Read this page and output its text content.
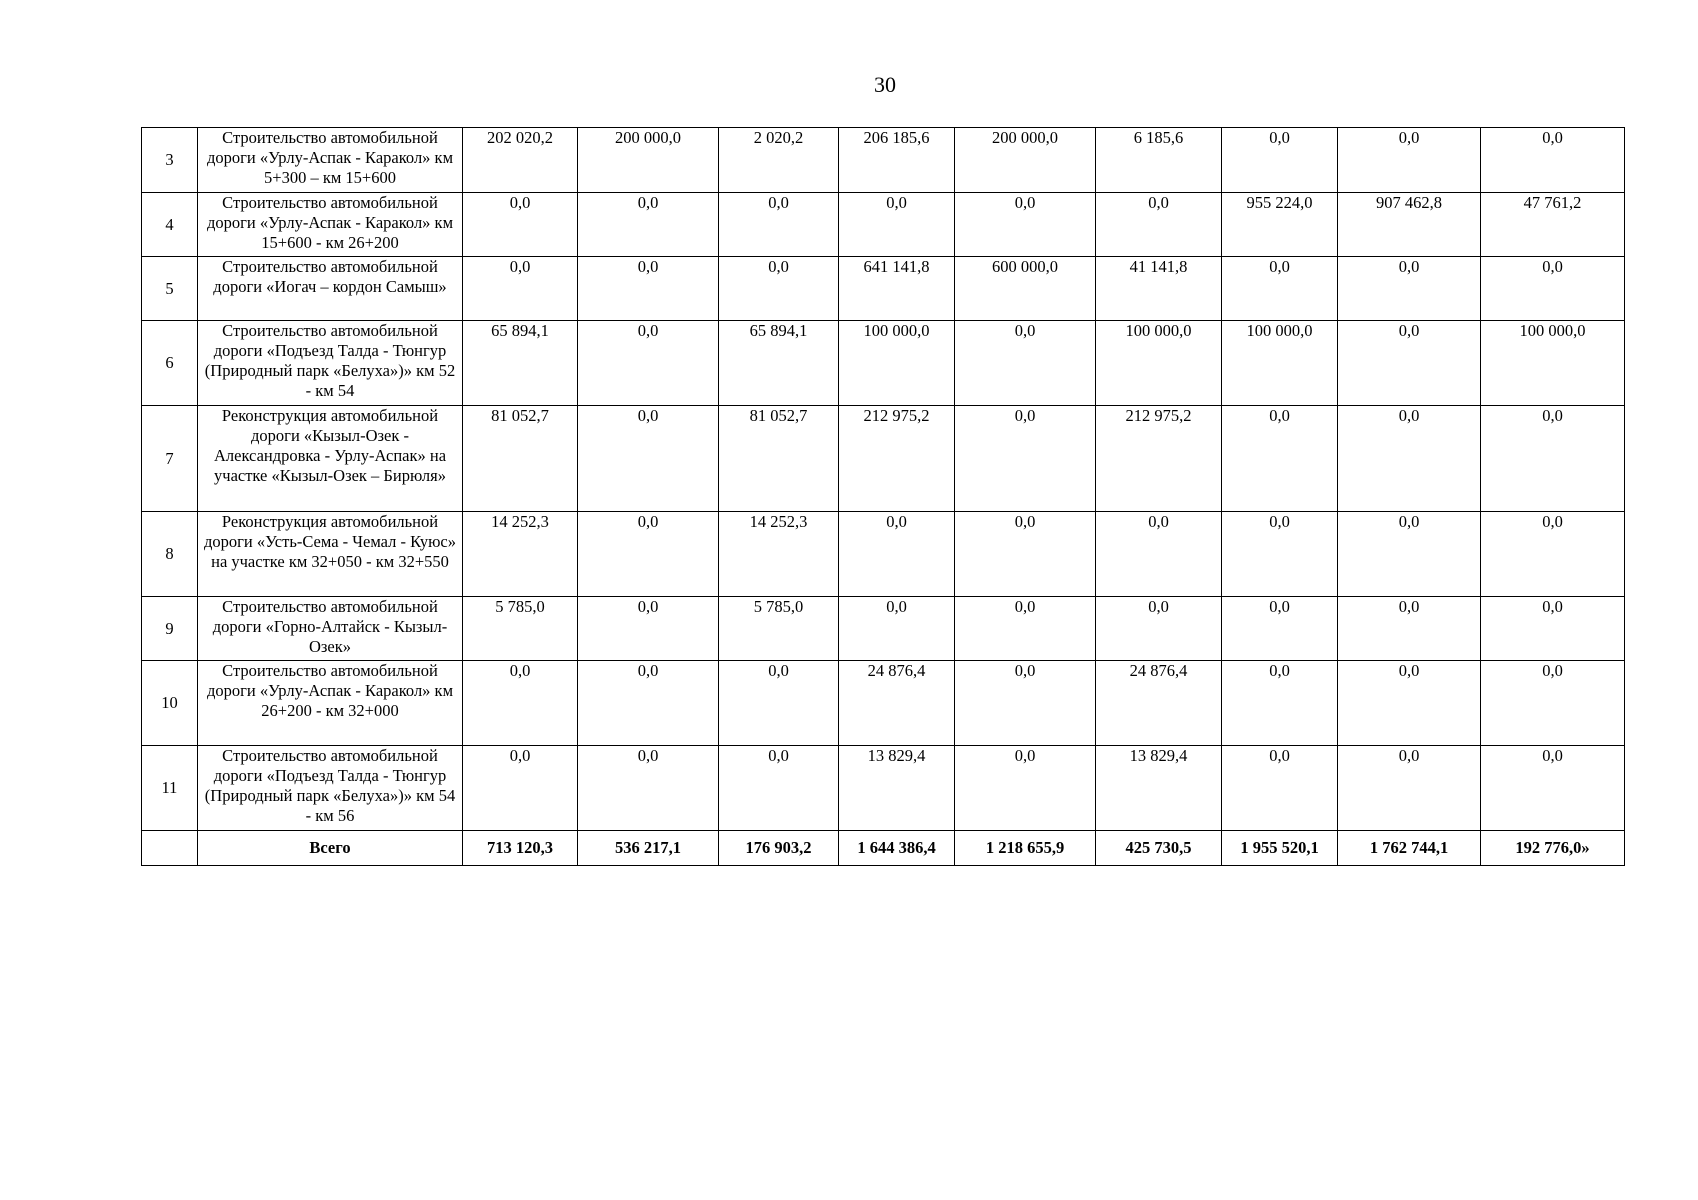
30
3	Строительство автомобильной дороги «Урлу-Аспак - Каракол» км 5+300 – км 15+600	202 020,2	200 000,0	2 020,2	206 185,6	200 000,0	6 185,6	0,0	0,0	0,0
4	Строительство автомобильной дороги «Урлу-Аспак - Каракол» км 15+600 - км 26+200	0,0	0,0	0,0	0,0	0,0	0,0	955 224,0	907 462,8	47 761,2
5	Строительство автомобильной дороги «Иогач – кордон Самыш»	0,0	0,0	0,0	641 141,8	600 000,0	41 141,8	0,0	0,0	0,0
6	Строительство автомобильной дороги «Подъезд Талда - Тюнгур (Природный парк «Белуха»)» км 52 - км 54	65 894,1	0,0	65 894,1	100 000,0	0,0	100 000,0	100 000,0	0,0	100 000,0
7	Реконструкция автомобильной дороги «Кызыл-Озек - Александровка - Урлу-Аспак» на участке «Кызыл-Озек – Бирюля»	81 052,7	0,0	81 052,7	212 975,2	0,0	212 975,2	0,0	0,0	0,0
8	Реконструкция автомобильной дороги «Усть-Сема - Чемал - Куюс» на участке км 32+050 - км 32+550	14 252,3	0,0	14 252,3	0,0	0,0	0,0	0,0	0,0	0,0
9	Строительство автомобильной дороги «Горно-Алтайск - Кызыл-Озек»	5 785,0	0,0	5 785,0	0,0	0,0	0,0	0,0	0,0	0,0
10	Строительство автомобильной дороги «Урлу-Аспак - Каракол» км 26+200 - км 32+000	0,0	0,0	0,0	24 876,4	0,0	24 876,4	0,0	0,0	0,0
11	Строительство автомобильной дороги «Подъезд Талда - Тюнгур (Природный парк «Белуха»)» км 54 - км 56	0,0	0,0	0,0	13 829,4	0,0	13 829,4	0,0	0,0	0,0
	Всего	713 120,3	536 217,1	176 903,2	1 644 386,4	1 218 655,9	425 730,5	1 955 520,1	1 762 744,1	192 776,0»
